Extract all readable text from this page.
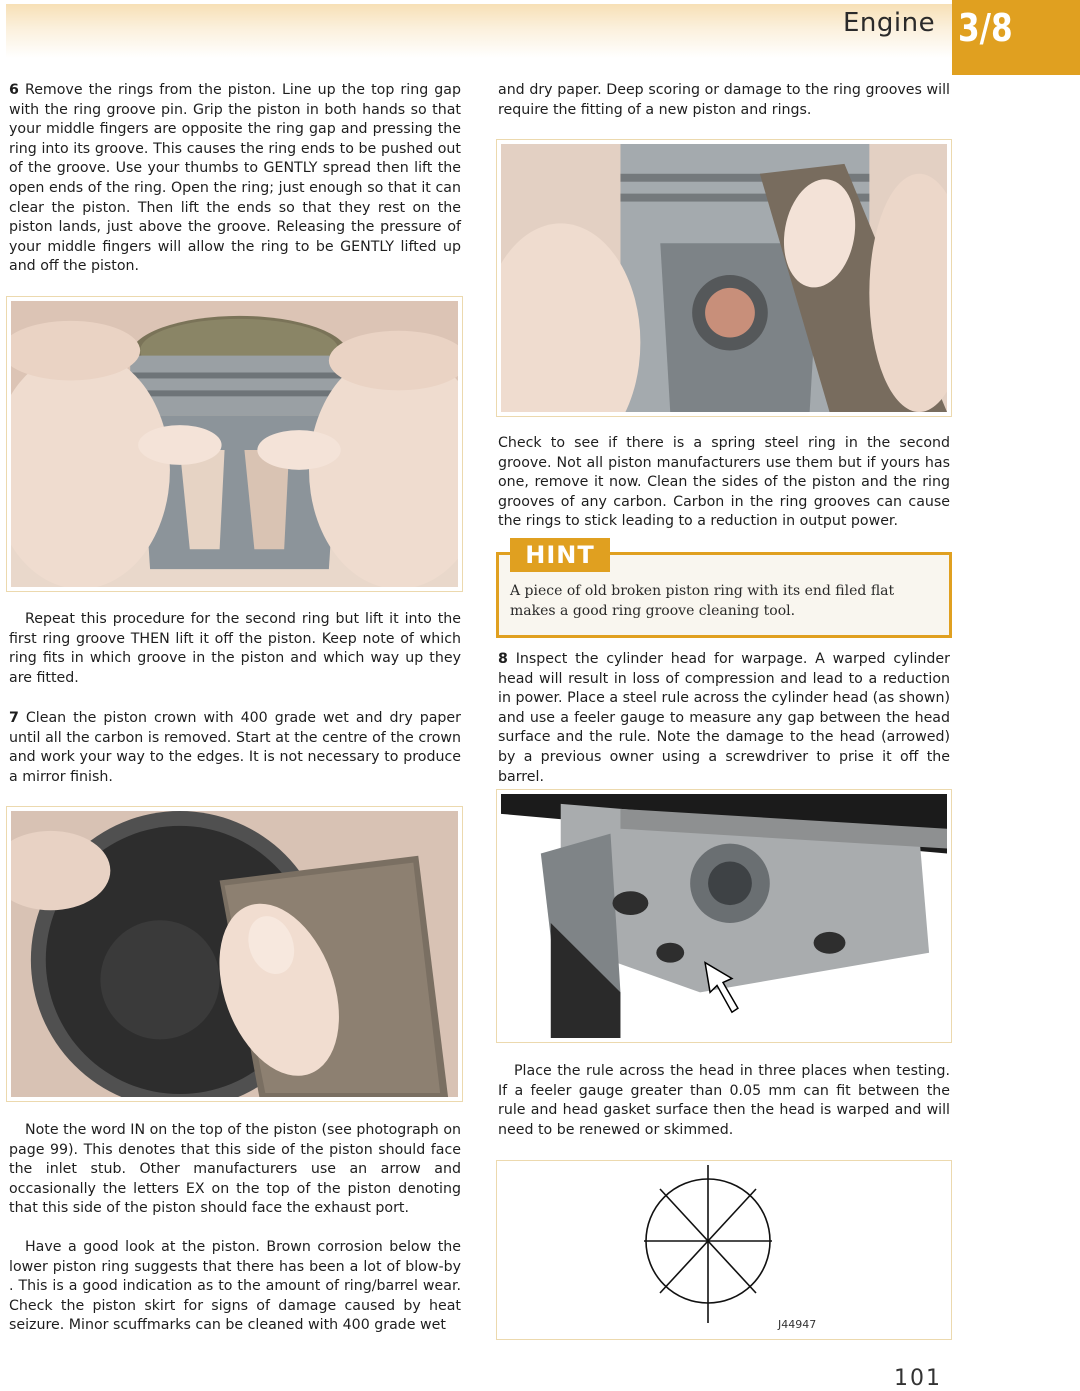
Engine 3/8

6 Remove the rings from the piston. Line up the top ring gap with the ring groove pin. Grip the piston in both hands so that your middle fingers are opposite the ring gap and pressing the ring into its groove. This causes the ring ends to be pushed out of the groove. Use your thumbs to GENTLY spread then lift the open ends of the ring. Open the ring; just enough so that it can clear the piston. Then lift the ends so that they rest on the piston lands, just above the groove. Releasing the pressure of your middle fingers will allow the ring to be GENTLY lifted up and off the piston.

Repeat this procedure for the second ring but lift it into the first ring groove THEN lift it off the piston. Keep note of which ring fits in which groove in the piston and which way up they are fitted.

7 Clean the piston crown with 400 grade wet and dry paper until all the carbon is removed. Start at the centre of the crown and work your way to the edges. It is not necessary to produce a mirror finish.

Note the word IN on the top of the piston (see photograph on page 99). This denotes that this side of the piston should face the inlet stub. Other manufacturers use an arrow and occasionally the letters EX on the top of the piston denoting that this side of the piston should face the exhaust port.

Have a good look at the piston. Brown corrosion below the lower piston ring suggests that there has been a lot of blow-by . This is a good indication as to the amount of ring/barrel wear. Check the piston skirt for signs of damage caused by heat seizure. Minor scuffmarks can be cleaned with 400 grade wet

and dry paper. Deep scoring or damage to the ring grooves will require the fitting of a new piston and rings.

Check to see if there is a spring steel ring in the second groove. Not all piston manufacturers use them but if yours has one, remove it now. Clean the sides of the piston and the ring grooves of any carbon. Carbon in the ring grooves can cause the rings to stick leading to a reduction in output power.

HINT

A piece of old broken piston ring with its end filed flat makes a good ring groove cleaning tool.

8 Inspect the cylinder head for warpage. A warped cylinder head will result in loss of compression and lead to a reduction in power. Place a steel rule across the cylinder head (as shown) and use a feeler gauge to measure any gap between the head surface and the rule. Note the damage to the head (arrowed) by a previous owner using a screwdriver to prise it off the barrel.

Place the rule across the head in three places when testing. If a feeler gauge greater than 0.05 mm can fit between the rule and head gasket surface then the head is warped and will need to be renewed or skimmed.

J44947
101
